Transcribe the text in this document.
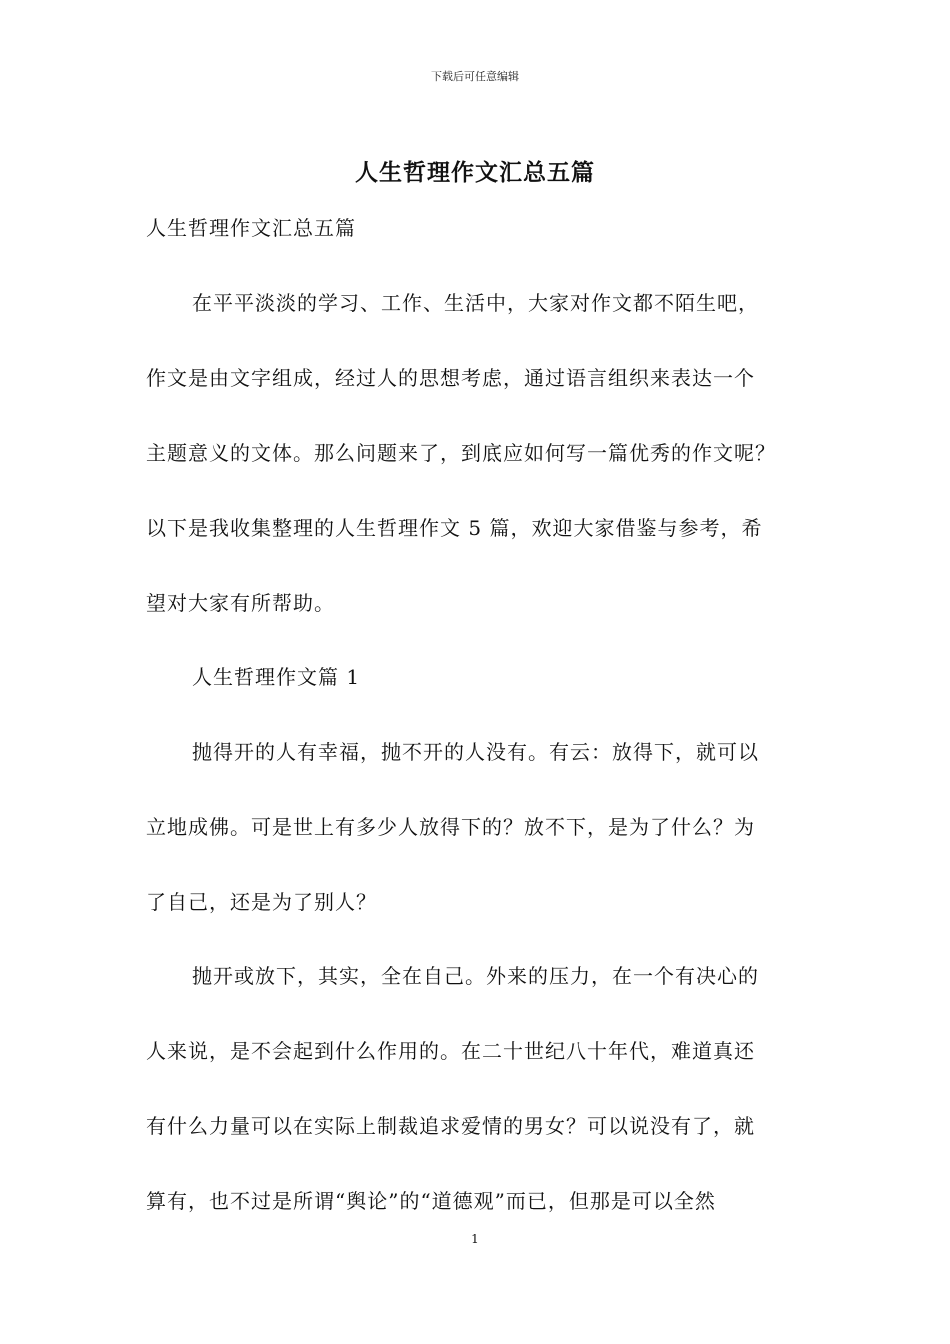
下载后可任意编辑
人生哲理作文汇总五篇
人生哲理作文汇总五篇
在平平淡淡的学习、工作、生活中，大家对作文都不陌生吧，
作文是由文字组成，经过人的思想考虑，通过语言组织来表达一个
主题意义的文体。那么问题来了，到底应如何写一篇优秀的作文呢？
以下是我收集整理的人生哲理作文 5 篇，欢迎大家借鉴与参考，希
望对大家有所帮助。
人生哲理作文篇 1
抛得开的人有幸福，抛不开的人没有。有云：放得下，就可以
立地成佛。可是世上有多少人放得下的？放不下，是为了什么？为
了自己，还是为了别人？
抛开或放下，其实，全在自己。外来的压力，在一个有决心的
人来说，是不会起到什么作用的。在二十世纪八十年代，难道真还
有什么力量可以在实际上制裁追求爱情的男女？可以说没有了，就
算有，也不过是所谓“舆论”的“道德观”而已，但那是可以全然
1
